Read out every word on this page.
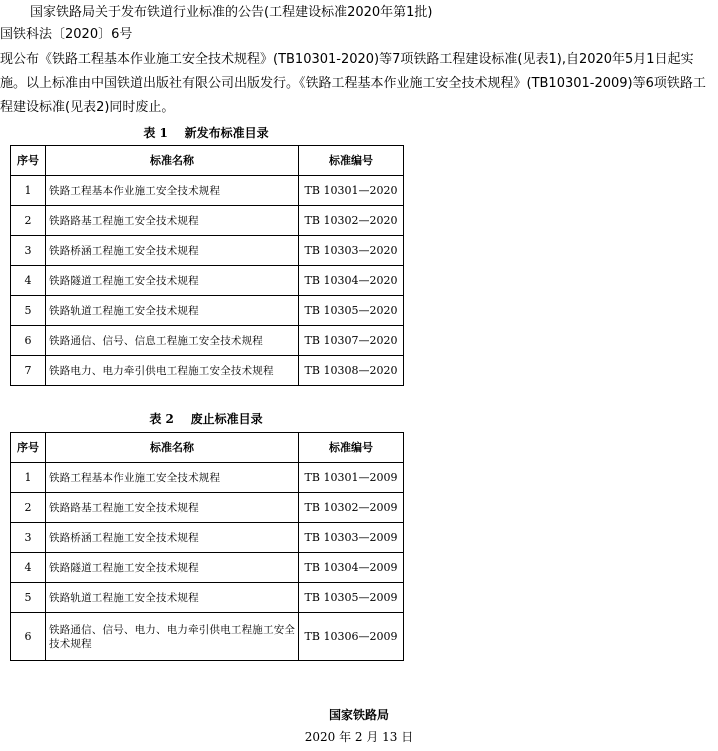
国家铁路局关于发布铁道行业标准的公告(工程建设标准2020年第1批)
国铁科法〔2020〕6号

现公布《铁路工程基本作业施工安全技术规程》(TB10301-2020)等7项铁路工程建设标准(见表1),自2020年5月1日起实施。以上标准由中国铁道出版社有限公司出版发行。《铁路工程基本作业施工安全技术规程》(TB10301-2009)等6项铁路工程建设标准(见表2)同时废止。

表 1    新发布标准目录
序号	标准名称	标准编号
1	铁路工程基本作业施工安全技术规程	TB 10301—2020
2	铁路路基工程施工安全技术规程	TB 10302—2020
3	铁路桥涵工程施工安全技术规程	TB 10303—2020
4	铁路隧道工程施工安全技术规程	TB 10304—2020
5	铁路轨道工程施工安全技术规程	TB 10305—2020
6	铁路通信、信号、信息工程施工安全技术规程	TB 10307—2020
7	铁路电力、电力牵引供电工程施工安全技术规程	TB 10308—2020
表 2    废止标准目录
序号	标准名称	标准编号
1	铁路工程基本作业施工安全技术规程	TB 10301—2009
2	铁路路基工程施工安全技术规程	TB 10302—2009
3	铁路桥涵工程施工安全技术规程	TB 10303—2009
4	铁路隧道工程施工安全技术规程	TB 10304—2009
5	铁路轨道工程施工安全技术规程	TB 10305—2009
6	铁路通信、信号、电力、电力牵引供电工程施工安全技术规程	TB 10306—2009
国家铁路局
2020 年 2 月 13 日
